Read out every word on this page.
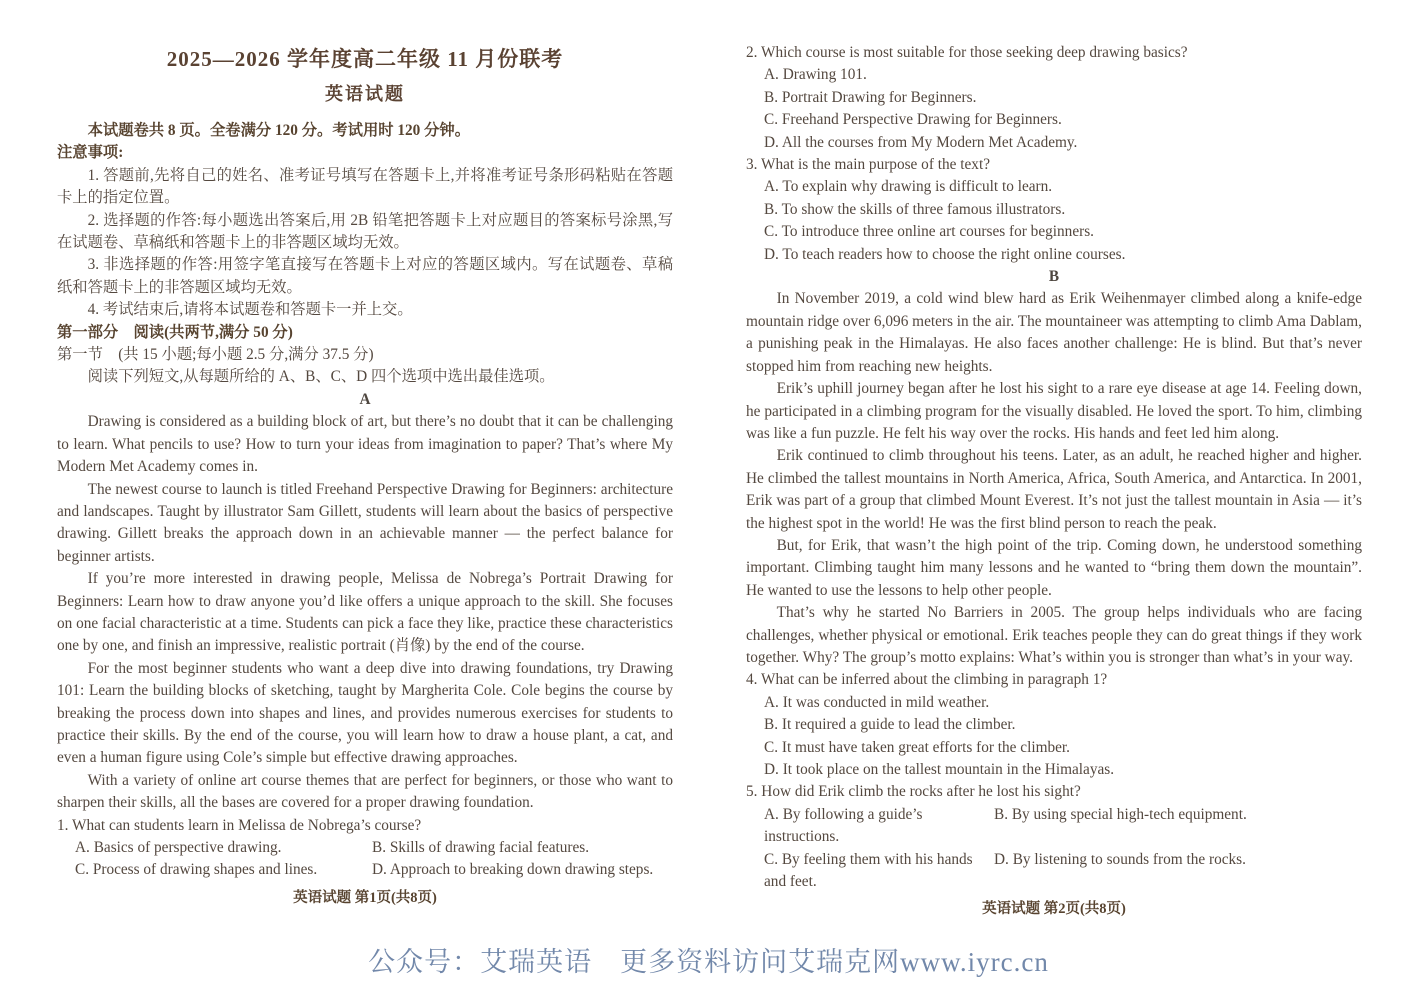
2025—2026 学年度高二年级 11 月份联考
英语试题

本试题卷共 8 页。全卷满分 120 分。考试用时 120 分钟。

注意事项:

1. 答题前,先将自己的姓名、准考证号填写在答题卡上,并将准考证号条形码粘贴在答题卡上的指定位置。

2. 选择题的作答:每小题选出答案后,用 2B 铅笔把答题卡上对应题目的答案标号涂黑,写在试题卷、草稿纸和答题卡上的非答题区域均无效。

3. 非选择题的作答:用签字笔直接写在答题卡上对应的答题区域内。写在试题卷、草稿纸和答题卡上的非答题区域均无效。

4. 考试结束后,请将本试题卷和答题卡一并上交。

第一部分　阅读(共两节,满分 50 分)

第一节　(共 15 小题;每小题 2.5 分,满分 37.5 分)

阅读下列短文,从每题所给的 A、B、C、D 四个选项中选出最佳选项。

A

Drawing is considered as a building block of art, but there’s no doubt that it can be challenging to learn. What pencils to use? How to turn your ideas from imagination to paper? That’s where My Modern Met Academy comes in.

The newest course to launch is titled Freehand Perspective Drawing for Beginners: architecture and landscapes. Taught by illustrator Sam Gillett, students will learn about the basics of perspective drawing. Gillett breaks the approach down in an achievable manner — the perfect balance for beginner artists.

If you’re more interested in drawing people, Melissa de Nobrega’s Portrait Drawing for Beginners: Learn how to draw anyone you’d like offers a unique approach to the skill. She focuses on one facial characteristic at a time. Students can pick a face they like, practice these characteristics one by one, and finish an impressive, realistic portrait (肖像) by the end of the course.

For the most beginner students who want a deep dive into drawing foundations, try Drawing 101: Learn the building blocks of sketching, taught by Margherita Cole. Cole begins the course by breaking the process down into shapes and lines, and provides numerous exercises for students to practice their skills. By the end of the course, you will learn how to draw a house plant, a cat, and even a human figure using Cole’s simple but effective drawing approaches.

With a variety of online art course themes that are perfect for beginners, or those who want to sharpen their skills, all the bases are covered for a proper drawing foundation.

1. What can students learn in Melissa de Nobrega’s course?

A. Basics of perspective drawing.	B. Skills of drawing facial features.
C. Process of drawing shapes and lines.	D. Approach to breaking down drawing steps.

英语试题 第1页(共8页)

2. Which course is most suitable for those seeking deep drawing basics?

A. Drawing 101.

B. Portrait Drawing for Beginners.

C. Freehand Perspective Drawing for Beginners.

D. All the courses from My Modern Met Academy.

3. What is the main purpose of the text?

A. To explain why drawing is difficult to learn.

B. To show the skills of three famous illustrators.

C. To introduce three online art courses for beginners.

D. To teach readers how to choose the right online courses.

B

In November 2019, a cold wind blew hard as Erik Weihenmayer climbed along a knife-edge mountain ridge over 6,096 meters in the air. The mountaineer was attempting to climb Ama Dablam, a punishing peak in the Himalayas. He also faces another challenge: He is blind. But that’s never stopped him from reaching new heights.

Erik’s uphill journey began after he lost his sight to a rare eye disease at age 14. Feeling down, he participated in a climbing program for the visually disabled. He loved the sport. To him, climbing was like a fun puzzle. He felt his way over the rocks. His hands and feet led him along.

Erik continued to climb throughout his teens. Later, as an adult, he reached higher and higher. He climbed the tallest mountains in North America, Africa, South America, and Antarctica. In 2001, Erik was part of a group that climbed Mount Everest. It’s not just the tallest mountain in Asia — it’s the highest spot in the world! He was the first blind person to reach the peak.

But, for Erik, that wasn’t the high point of the trip. Coming down, he understood something important. Climbing taught him many lessons and he wanted to “bring them down the mountain”. He wanted to use the lessons to help other people.

That’s why he started No Barriers in 2005. The group helps individuals who are facing challenges, whether physical or emotional. Erik teaches people they can do great things if they work together. Why? The group’s motto explains: What’s within you is stronger than what’s in your way.

4. What can be inferred about the climbing in paragraph 1?

A. It was conducted in mild weather.

B. It required a guide to lead the climber.

C. It must have taken great efforts for the climber.

D. It took place on the tallest mountain in the Himalayas.

5. How did Erik climb the rocks after he lost his sight?

A. By following a guide’s instructions.
B. By using special high-tech equipment.
C. By feeling them with his hands and feet.
D. By listening to sounds from the rocks.

英语试题 第2页(共8页)

公众号：艾瑞英语　更多资料访问艾瑞克网www.iyrc.cn
